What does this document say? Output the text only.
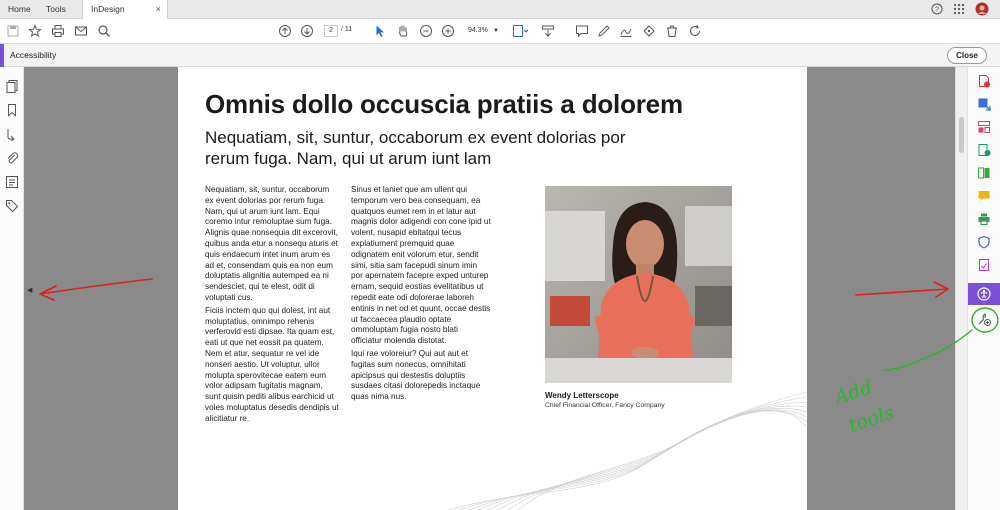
Home	Tools	InDesign	×	?
2	/ 11	94.3% ▼
Accessibility	Close
◀
Omnis dollo occuscia pratiis a dolorem
Nequatiam, sit, suntur, occaborum ex event dolorias por rerum fuga. Nam, qui ut arum iunt lam

Nequatiam, sit, suntur, occaborum ex event dolorias por rerum fuga. Nam, qui ut arum iunt lam. Equi coremo intur remoluptae sum fuga. Alignis quae nonsequia dit excerovit, quibus anda etur a nonsequ aturis et quis endaecum intet inum arum es ad et, consendam quis ea non eum doluptatis alignitia autemped ea ni sendesciet, qui te elest, odit di voluptati cus.

Ficiis inctem quo qui dolest, int aut moluptatius, omnimpo rehenis verferovid esti dipsae. Ita quam est, eati ut que net eossit pa quatem. Nem et atur, sequatur re vel ide nonseri aestio. Ut voluptur, ullor molupta sperovitecae eatem eum volor adipsam fugitatis magnam, sunt quisin pediti alibus earchicid ut voles moluptatus desedis dendipis ut alicitiatur re.

Sinus et laniet que am ullent qui temporum vero bea consequam, ea quatquos eumet rem in et latur aut magnis dolor adigendi con cone ipid ut volent, nusapid ebitatqui tecus explatiument premquid quae odignatem enit volorum etur, sendit simi, sitia sam facepudi sinum imin por apernatem facepre exped unturep ernam, sequid eostias evelitatibus ut repedit eate odi dolorerae laboreh entinis in net od et quunt, occae destis ut faccaecea plaudio optate ommoluptam fugia nosto blati officiatur molenda distotat.

Iqui rae voloreiur? Qui aut aut et fugitas sum nonecus, omnihitati apicipsus qui destestis doluptiis susdaes citasi dolorepedis inctaque quas nima nus.	Wendy Letterscope
Chief Financial Officer, Fancy Company	Add
tools
